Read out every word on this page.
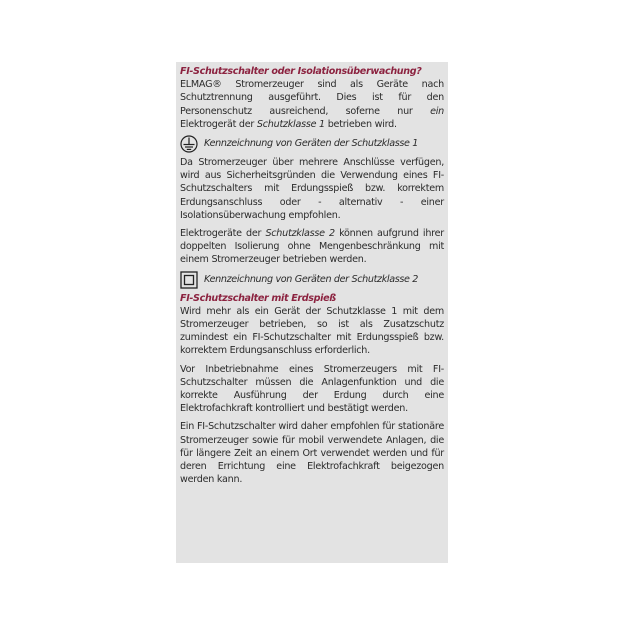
FI-Schutzschalter oder Isolationsüberwachung?

ELMAG® Stromerzeuger sind als Geräte nach Schutztrennung ausgeführt. Dies ist für den Personenschutz ausreichend, soferne nur ein Elektrogerät der Schutzklasse 1 betrieben wird.

Kennzeichnung von Geräten der Schutzklasse 1

Da Stromerzeuger über mehrere Anschlüsse verfügen, wird aus Sicherheitsgründen die Verwendung eines FI-Schutzschalters mit Erdungsspieß bzw. korrektem Erdungsanschluss oder - alternativ - einer Isolationsüberwachung empfohlen.

Elektrogeräte der Schutzklasse 2 können aufgrund ihrer doppelten Isolierung ohne Mengenbeschränkung mit einem Stromerzeuger betrieben werden.

Kennzeichnung von Geräten der Schutzklasse 2
FI-Schutzschalter mit Erdspieß

Wird mehr als ein Gerät der Schutzklasse 1 mit dem Stromerzeuger betrieben, so ist als Zusatzschutz zumindest ein FI-Schutzschalter mit Erdungsspieß bzw. korrektem Erdungsanschluss erforderlich.

Vor Inbetriebnahme eines Stromerzeugers mit FI-Schutzschalter müssen die Anlagenfunktion und die korrekte Ausführung der Erdung durch eine Elektrofachkraft kontrolliert und bestätigt werden.

Ein FI-Schutzschalter wird daher empfohlen für stationäre Stromerzeuger sowie für mobil verwendete Anlagen, die für längere Zeit an einem Ort verwendet werden und für deren Errichtung eine Elektrofachkraft beigezogen werden kann.
